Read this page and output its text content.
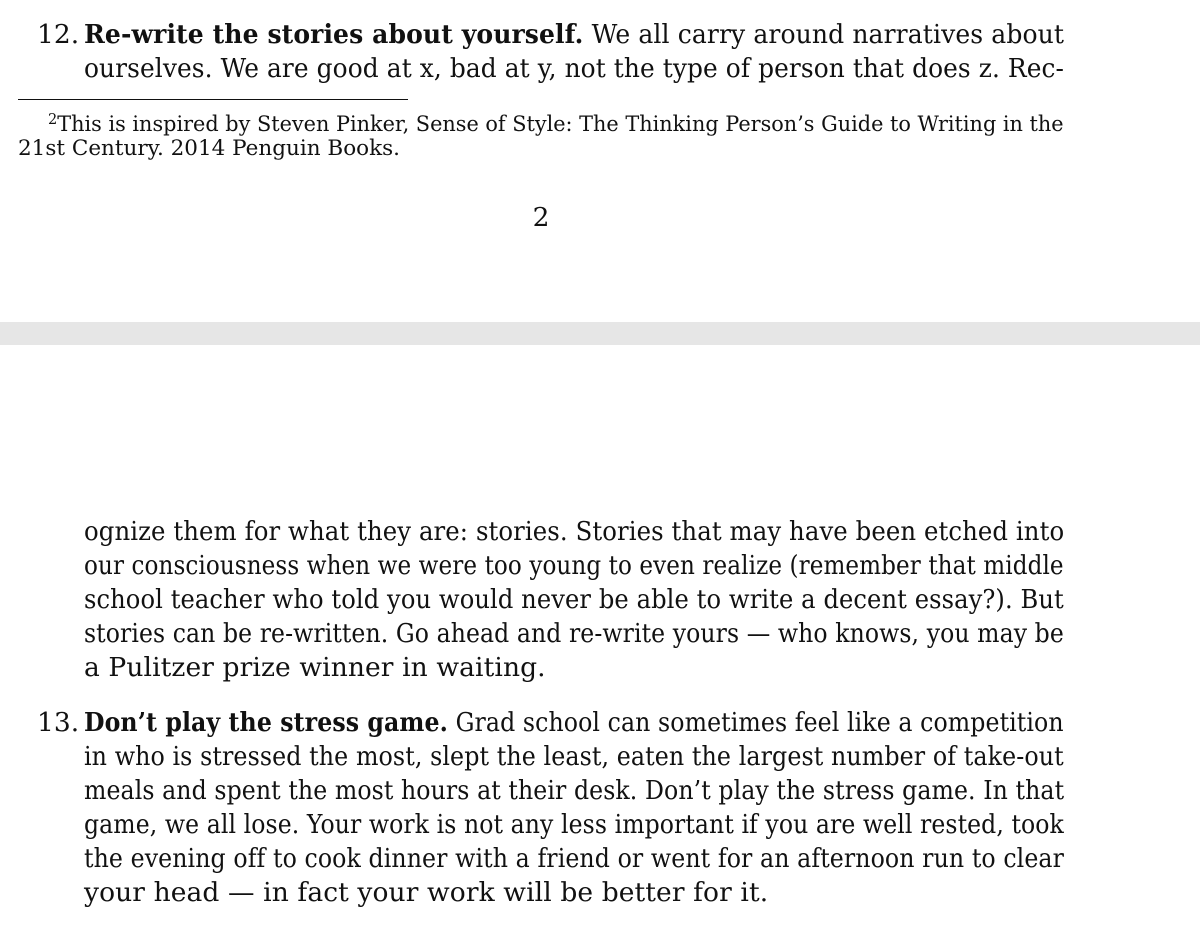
12. Re-write the stories about yourself. We all carry around narratives about
ourselves. We are good at x, bad at y, not the type of person that does z. Rec-
$^2$This is inspired by Steven Pinker, Sense of Style: The Thinking Person’s Guide to Writing in the
21st Century. 2014 Penguin Books.
2
ognize them for what they are: stories. Stories that may have been etched into
our consciousness when we were too young to even realize (remember that middle
school teacher who told you would never be able to write a decent essay?). But
stories can be re-written. Go ahead and re-write yours — who knows, you may be
a Pulitzer prize winner in waiting.
13. Don’t play the stress game. Grad school can sometimes feel like a competition
in who is stressed the most, slept the least, eaten the largest number of take-out
meals and spent the most hours at their desk. Don’t play the stress game. In that
game, we all lose. Your work is not any less important if you are well rested, took
the evening off to cook dinner with a friend or went for an afternoon run to clear
your head — in fact your work will be better for it.
